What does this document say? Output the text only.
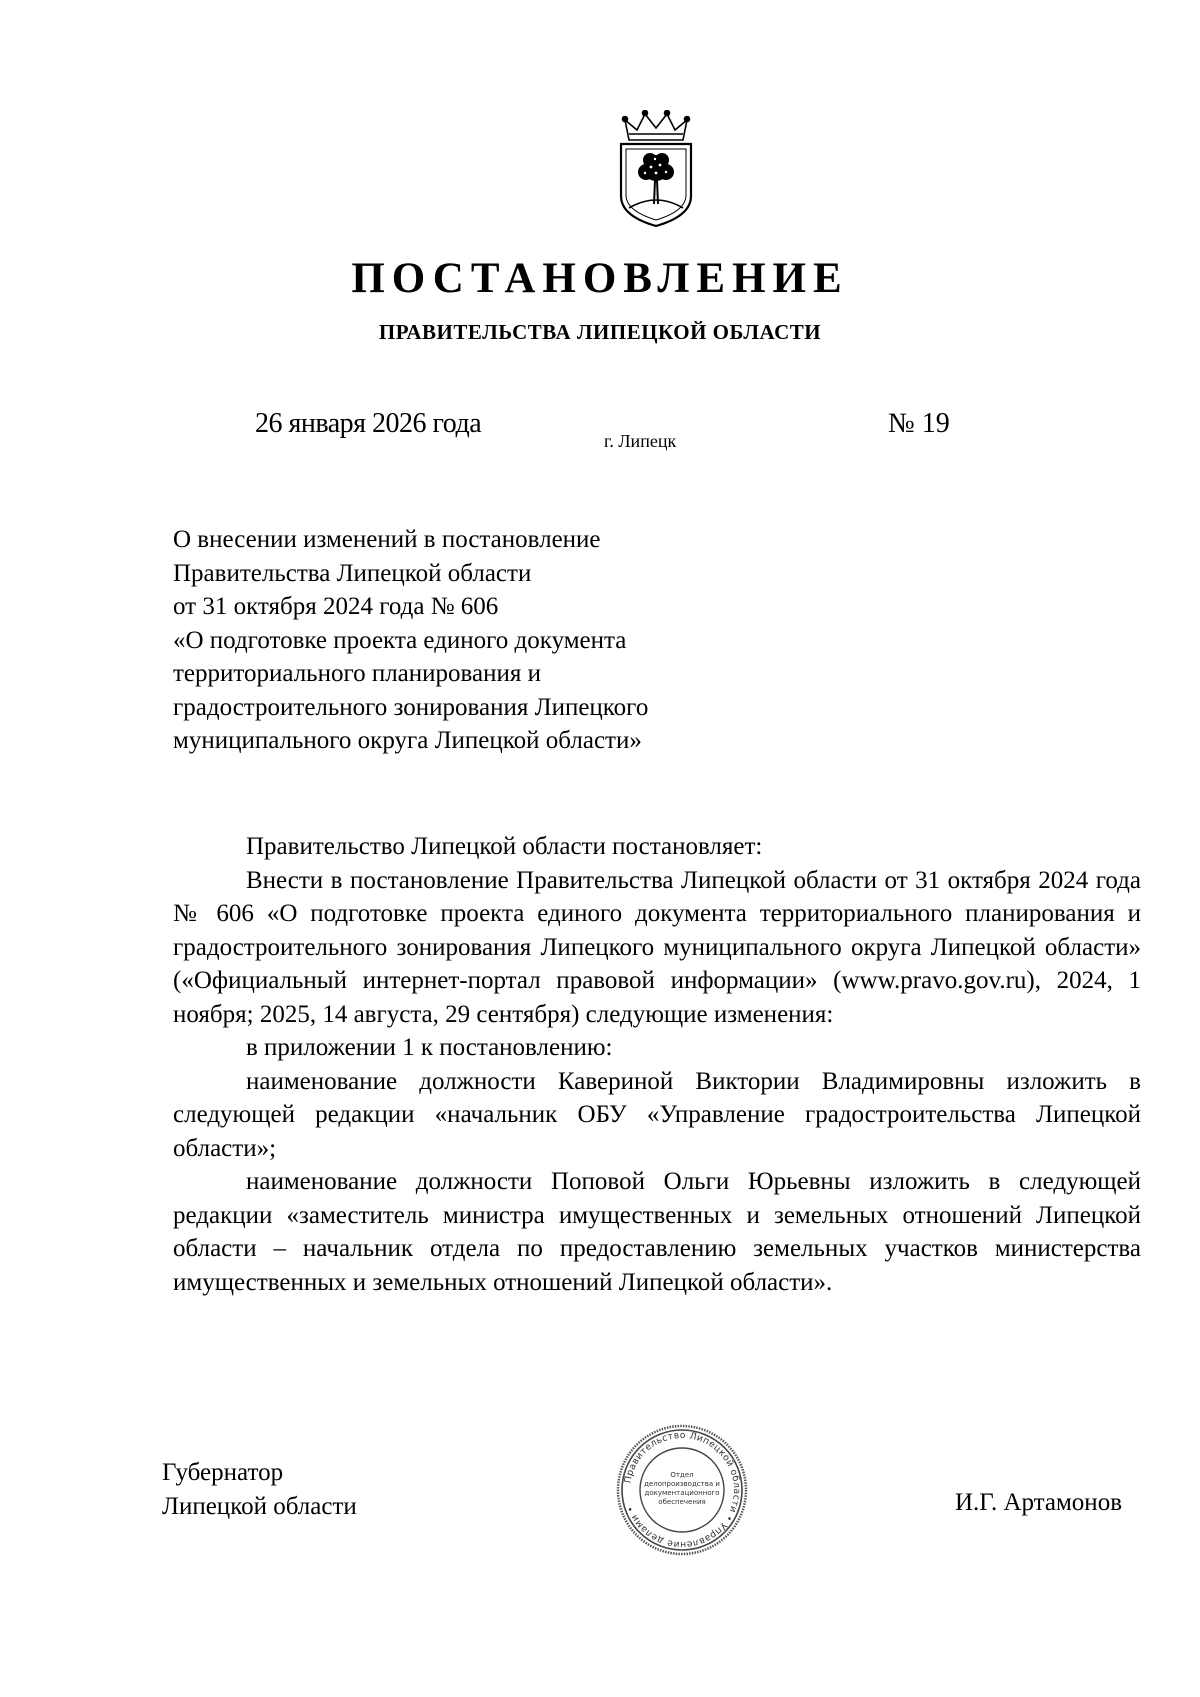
ПОСТАНОВЛЕНИЕ
ПРАВИТЕЛЬСТВА ЛИПЕЦКОЙ ОБЛАСТИ
26 января 2026 года
г. Липецк
№ 19
О внесении изменений в постановление
Правительства Липецкой области
от 31 октября 2024 года № 606
«О подготовке проекта единого документа
территориального планирования и
градостроительного зонирования Липецкого
муниципального округа Липецкой области»

Правительство Липецкой области постановляет:

Внести в постановление Правительства Липецкой области от 31 октября 2024 года № 606 «О подготовке проекта единого документа территориального планирования и градостроительного зонирования Липецкого муниципального округа Липецкой области» («Официальный интернет-портал правовой информации» (www.pravo.gov.ru), 2024, 1 ноября; 2025, 14 августа, 29 сентября) следующие изменения:

в приложении 1 к постановлению:

наименование должности Кавериной Виктории Владимировны изложить в следующей редакции «начальник ОБУ «Управление градостроительства Липецкой области»;

наименование должности Поповой Ольги Юрьевны изложить в следующей редакции «заместитель министра имущественных и земельных отношений Липецкой области – начальник отдела по предоставлению земельных участков министерства имущественных и земельных отношений Липецкой области».

Губернатор
Липецкой области	И.Г. Артамонов
Правительство Липецкой области • Управление делами •
Отдел
делопроизводства и
документационного
обеспечения
